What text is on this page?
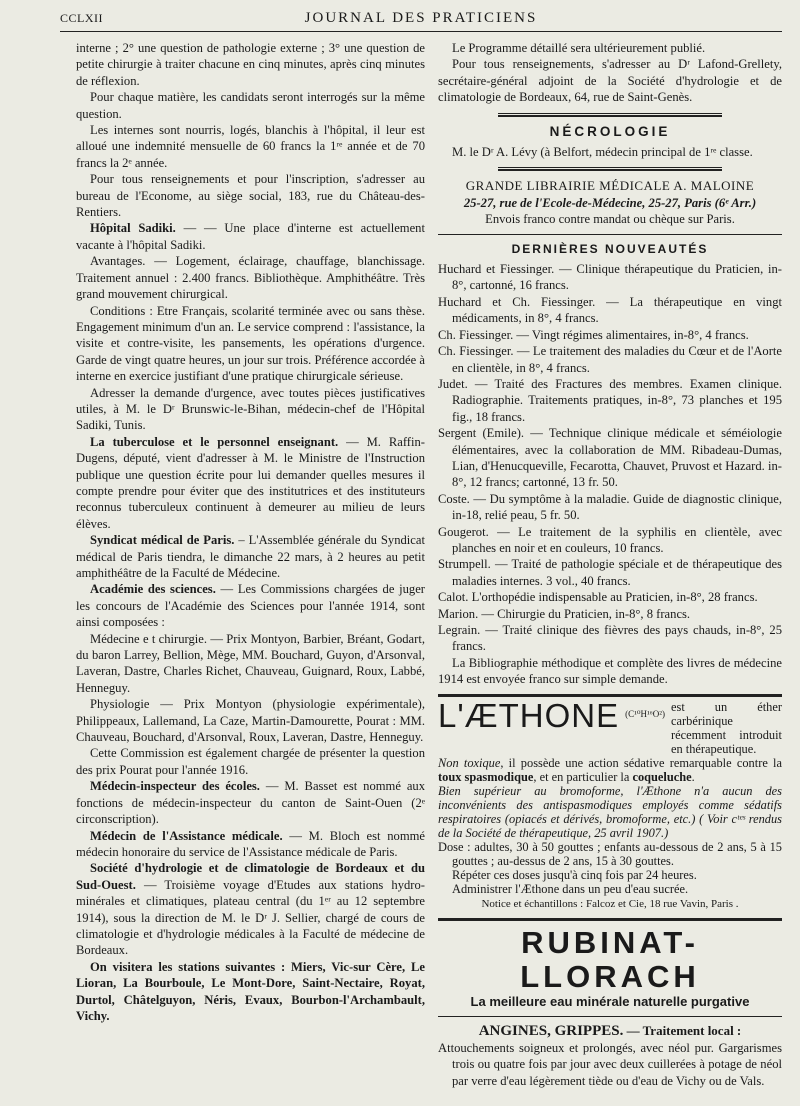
CCLXII	JOURNAL DES PRATICIENS

interne ; 2° une question de pathologie externe ; 3° une question de petite chirurgie à traiter chacune en cinq minutes, après cinq minutes de réflexion.

Pour chaque matière, les candidats seront interrogés sur la même question.

Les internes sont nourris, logés, blanchis à l'hôpital, il leur est alloué une indemnité mensuelle de 60 francs la 1ʳᵉ année et de 70 francs la 2ᵉ année.

Pour tous renseignements et pour l'inscription, s'adresser au bureau de l'Econome, au siège social, 183, rue du Château-des-Rentiers.

Hôpital Sadiki. — — Une place d'interne est actuellement vacante à l'hôpital Sadiki.

Avantages. — Logement, éclairage, chauffage, blanchissage. Traitement annuel : 2.400 francs. Bibliothèque. Amphithéâtre. Très grand mouvement chirurgical.

Conditions : Etre Français, scolarité terminée avec ou sans thèse. Engagement minimum d'un an. Le service comprend : l'assistance, la visite et contre-visite, les pansements, les opérations d'urgence. Garde de vingt quatre heures, un jour sur trois. Préférence accordée à interne en exercice justifiant d'une pratique chirurgicale sérieuse.

Adresser la demande d'urgence, avec toutes pièces justificatives utiles, à M. le Dʳ Brunswic-le-Bihan, médecin-chef de l'Hôpital Sadiki, Tunis.

La tuberculose et le personnel enseignant. — M. Raffin-Dugens, député, vient d'adresser à M. le Ministre de l'Instruction publique une question écrite pour lui demander quelles mesures il compte prendre pour éviter que des institutrices et des instituteurs reconnus tuberculeux continuent à demeurer au milieu de leurs élèves.

Syndicat médical de Paris. – L'Assemblée générale du Syndicat médical de Paris tiendra, le dimanche 22 mars, à 2 heures au petit amphithéâtre de la Faculté de Médecine.

Académie des sciences. — Les Commissions chargées de juger les concours de l'Académie des Sciences pour l'année 1914, sont ainsi composées :

Médecine e t chirurgie. — Prix Montyon, Barbier, Bréant, Godart, du baron Larrey, Bellion, Mège, MM. Bouchard, Guyon, d'Arsonval, Laveran, Dastre, Charles Richet, Chauveau, Guignard, Roux, Labbé, Henneguy.

Physiologie — Prix Montyon (physiologie expérimentale), Philippeaux, Lallemand, La Caze, Martin-Damourette, Pourat : MM. Chauveau, Bouchard, d'Arsonval, Roux, Laveran, Dastre, Henneguy.

Cette Commission est également chargée de présenter la question des prix Pourat pour l'année 1916.

Médecin-inspecteur des écoles. — M. Basset est nommé aux fonctions de médecin-inspecteur du canton de Saint-Ouen (2ᵉ circonscription).

Médecin de l'Assistance médicale. — M. Bloch est nommé médecin honoraire du service de l'Assistance médicale de Paris.

Société d'hydrologie et de climatologie de Bordeaux et du Sud-Ouest. — Troisième voyage d'Etudes aux stations hydro-minérales et climatiques, plateau central (du 1ᵉʳ au 12 septembre 1914), sous la direction de M. le Dʳ J. Sellier, chargé de cours de climatologie et d'hydrologie médicales à la Faculté de médecine de Bordeaux.

On visitera les stations suivantes : Miers, Vic-sur Cère, Le Lioran, La Bourboule, Le Mont-Dore, Saint-Nectaire, Royat, Durtol, Châtelguyon, Néris, Evaux, Bourbon-l'Archambault, Vichy.

Le Programme détaillé sera ultérieurement publié.

Pour tous renseignements, s'adresser au Dʳ Lafond-Grellety, secrétaire-général adjoint de la Société d'hydrologie et de climatologie de Bordeaux, 64, rue de Saint-Genès.

NÉCROLOGIE

M. le Dʳ A. Lévy (à Belfort, médecin principal de 1ʳᵉ classe.

GRANDE LIBRAIRIE MÉDICALE A. MALOINE

25-27, rue de l'Ecole-de-Médecine, 25-27, Paris (6ᵉ Arr.)

Envois franco contre mandat ou chèque sur Paris.

DERNIÈRES NOUVEAUTÉS

Huchard et Fiessinger. — Clinique thérapeutique du Praticien, in-8°, cartonné, 16 francs.

Huchard et Ch. Fiessinger. — La thérapeutique en vingt médicaments, in 8°, 4 francs.

Ch. Fiessinger. — Vingt régimes alimentaires, in-8°, 4 francs.

Ch. Fiessinger. — Le traitement des maladies du Cœur et de l'Aorte en clientèle, in 8°, 4 francs.

Judet. — Traité des Fractures des membres. Examen clinique. Radiographie. Traitements pratiques, in-8°, 73 planches et 195 fig., 18 francs.

Sergent (Emile). — Technique clinique médicale et séméiologie élémentaires, avec la collaboration de MM. Ribadeau-Dumas, Lian, d'Henucqueville, Fecarotta, Chauvet, Pruvost et Hazard. in-8°, 12 francs; cartonné, 13 fr. 50.

Coste. — Du symptôme à la maladie. Guide de diagnostic clinique, in-18, relié peau, 5 fr. 50.

Gougerot. — Le traitement de la syphilis en clientèle, avec planches en noir et en couleurs, 10 francs.

Strumpell. — Traité de pathologie spéciale et de thérapeutique des maladies internes. 3 vol., 40 francs.

Calot. L'orthopédie indispensable au Praticien, in-8°, 28 francs.

Marion. — Chirurgie du Praticien, in-8°, 8 francs.

Legrain. — Traité clinique des fièvres des pays chauds, in-8°, 25 francs.

La Bibliographie méthodique et complète des livres de médecine 1914 est envoyée franco sur simple demande.

L'ÆTHONE (C¹⁰H¹⁶O²) est un éther carbérinique récemment introduit en thérapeutique.

Non toxique, il possède une action sédative remarquable contre la toux spasmodique, et en particulier la coqueluche.

Bien supérieur au bromoforme, l'Æthone n'a aucun des inconvénients des antispasmodiques employés comme sédatifs respiratoires (opiacés et dérivés, bromoforme, etc.) ( Voir cᵗᵉˢ rendus de la Société de thérapeutique, 25 avril 1907.)

Dose : adultes, 30 à 50 gouttes ; enfants au-dessous de 2 ans, 5 à 15 gouttes ; au-dessus de 2 ans, 15 à 30 gouttes.

Répéter ces doses jusqu'à cinq fois par 24 heures.

Administrer l'Æthone dans un peu d'eau sucrée.

Notice et échantillons : Falcoz et Cie, 18 rue Vavin, Paris .

RUBINAT-LLORACH
La meilleure eau minérale naturelle purgative
ANGINES, GRIPPES. — Traitement local :

Attouchements soigneux et prolongés, avec néol pur. Gargarismes trois ou quatre fois par jour avec deux cuillerées à potage de néol par verre d'eau légèrement tiède ou d'eau de Vichy ou de Vals.
